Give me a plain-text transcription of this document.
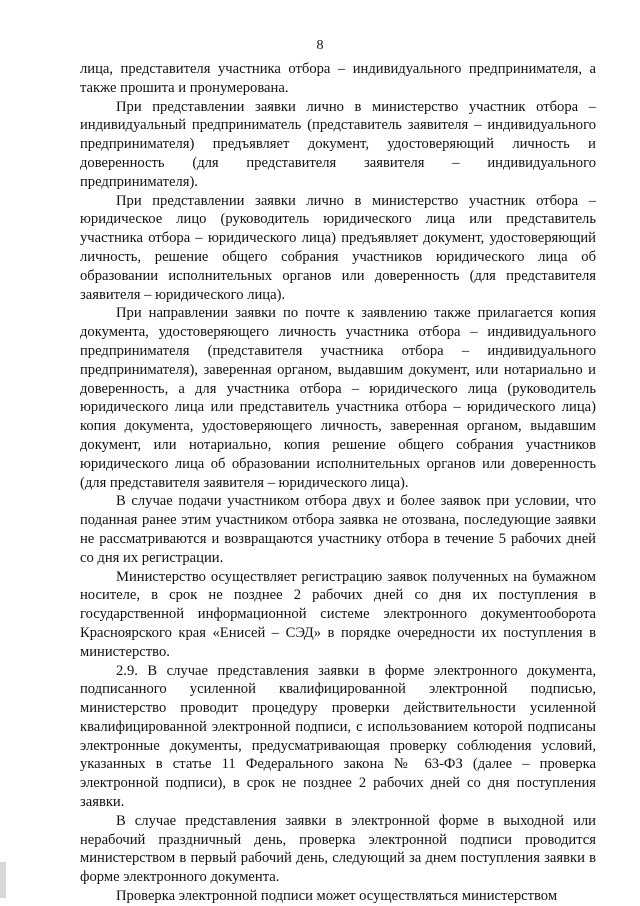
8

лица, представителя участника отбора – индивидуального предпринимателя, а также прошита и пронумерована.

При представлении заявки лично в министерство участник отбора – индивидуальный предприниматель (представитель заявителя – индивидуального предпринимателя) предъявляет документ, удостоверяющий личность и доверенность (для представителя заявителя – индивидуального предпринимателя).

При представлении заявки лично в министерство участник отбора – юридическое лицо (руководитель юридического лица или представитель участника отбора – юридического лица) предъявляет документ, удостоверяющий личность, решение общего собрания участников юридического лица об образовании исполнительных органов или доверенность (для представителя заявителя – юридического лица).

При направлении заявки по почте к заявлению также прилагается копия документа, удостоверяющего личность участника отбора – индивидуального предпринимателя (представителя участника отбора – индивидуального предпринимателя), заверенная органом, выдавшим документ, или нотариально и доверенность, а для участника отбора – юридического лица (руководитель юридического лица или представитель участника отбора – юридического лица) копия документа, удостоверяющего личность, заверенная органом, выдавшим документ, или нотариально, копия решение общего собрания участников юридического лица об образовании исполнительных органов или доверенность (для представителя заявителя – юридического лица).

В случае подачи участником отбора двух и более заявок при условии, что поданная ранее этим участником отбора заявка не отозвана, последующие заявки не рассматриваются и возвращаются участнику отбора в течение 5 рабочих дней со дня их регистрации.

Министерство осуществляет регистрацию заявок полученных на бумажном носителе, в срок не позднее 2 рабочих дней со дня их поступления в государственной информационной системе электронного документооборота Красноярского края «Енисей – СЭД» в порядке очередности их поступления в министерство.

2.9. В случае представления заявки в форме электронного документа, подписанного усиленной квалифицированной электронной подписью, министерство проводит процедуру проверки действительности усиленной квалифицированной электронной подписи, с использованием которой подписаны электронные документы, предусматривающая проверку соблюдения условий, указанных в статье 11 Федерального закона № 63-ФЗ (далее – проверка электронной подписи), в срок не позднее 2 рабочих дней со дня поступления заявки.

В случае представления заявки в электронной форме в выходной или нерабочий праздничный день, проверка электронной подписи проводится министерством в первый рабочий день, следующий за днем поступления заявки в форме электронного документа.

Проверка электронной подписи может осуществляться министерством
